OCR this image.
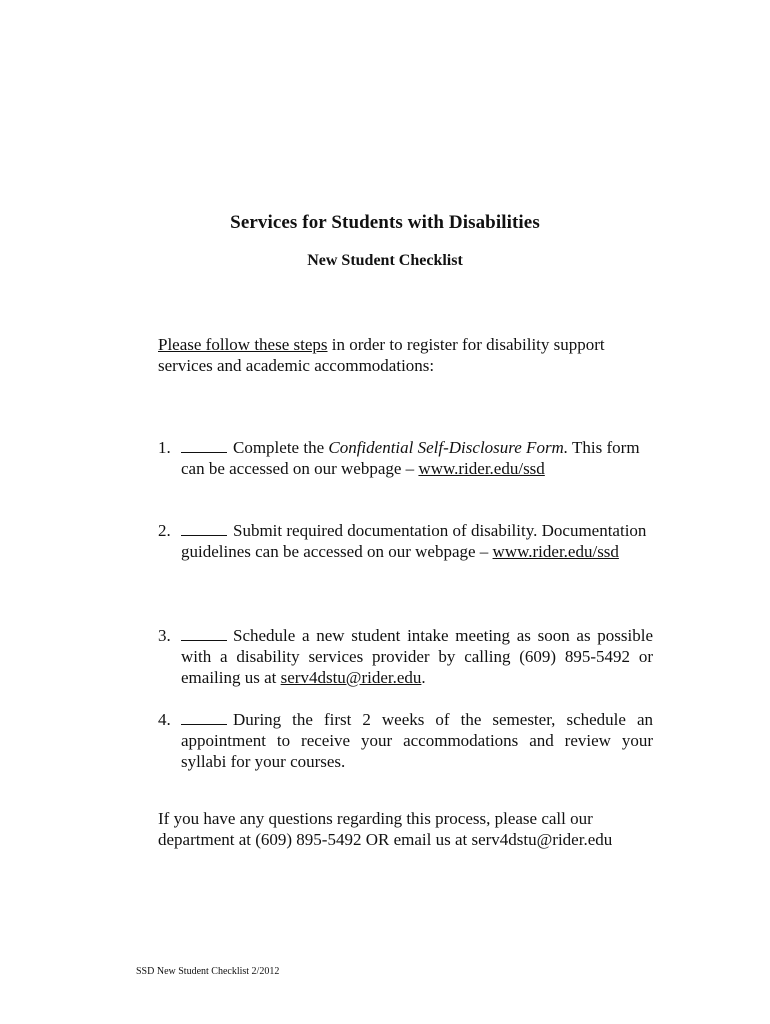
Services for Students with Disabilities
New Student Checklist
Please follow these steps in order to register for disability support services and academic accommodations:
1.	Complete the Confidential Self-Disclosure Form. This form can be accessed on our webpage – www.rider.edu/ssd
2.	Submit required documentation of disability. Documentation guidelines can be accessed on our webpage – www.rider.edu/ssd
3.	Schedule a new student intake meeting as soon as possible with a disability services provider by calling (609) 895-5492 or emailing us at serv4dstu@rider.edu.
4.	During the first 2 weeks of the semester, schedule an appointment to receive your accommodations and review your syllabi for your courses.
If you have any questions regarding this process, please call our department at (609) 895-5492 OR email us at serv4dstu@rider.edu
SSD New Student Checklist 2/2012
